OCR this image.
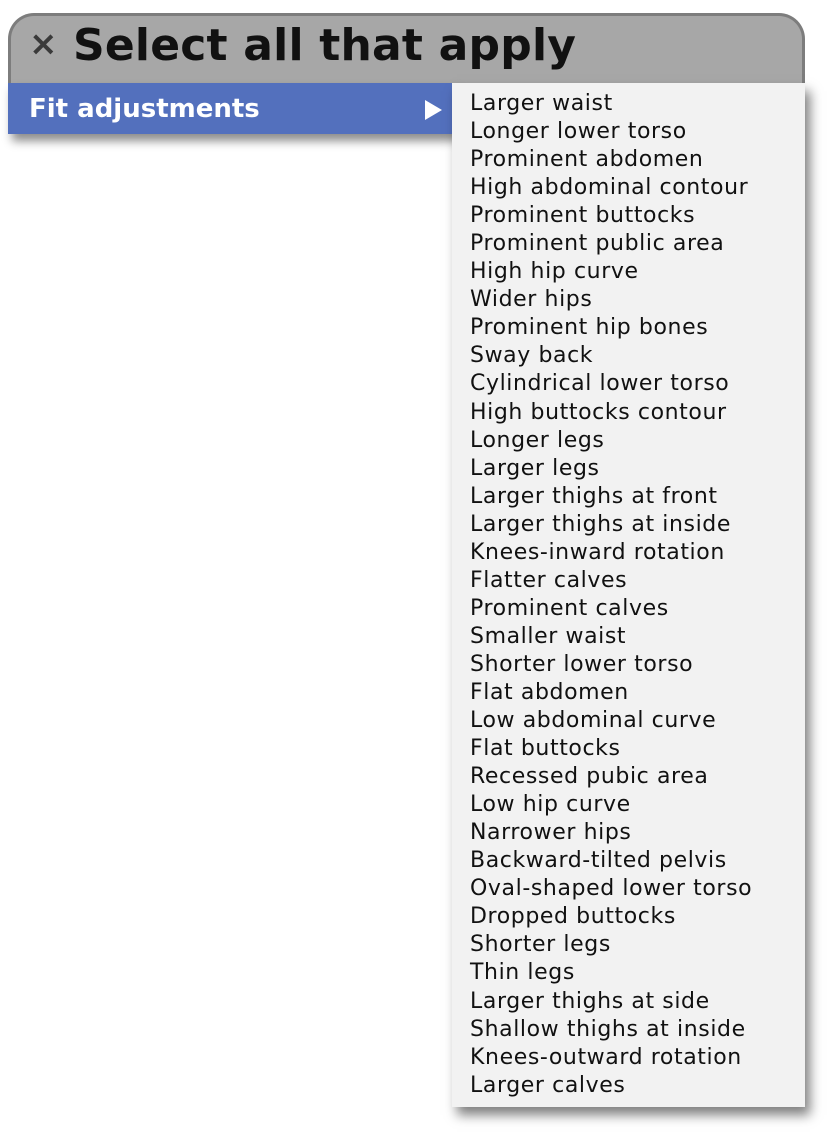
× Select all that apply
Fit adjustments	Larger waist
Longer lower torso
Prominent abdomen
High abdominal contour
Prominent buttocks
Prominent public area
High hip curve
Wider hips
Prominent hip bones
Sway back
Cylindrical lower torso
High buttocks contour
Longer legs
Larger legs
Larger thighs at front
Larger thighs at inside
Knees-inward rotation
Flatter calves
Prominent calves
Smaller waist
Shorter lower torso
Flat abdomen
Low abdominal curve
Flat buttocks
Recessed pubic area
Low hip curve
Narrower hips
Backward-tilted pelvis
Oval-shaped lower torso
Dropped buttocks
Shorter legs
Thin legs
Larger thighs at side
Shallow thighs at inside
Knees-outward rotation
Larger calves
